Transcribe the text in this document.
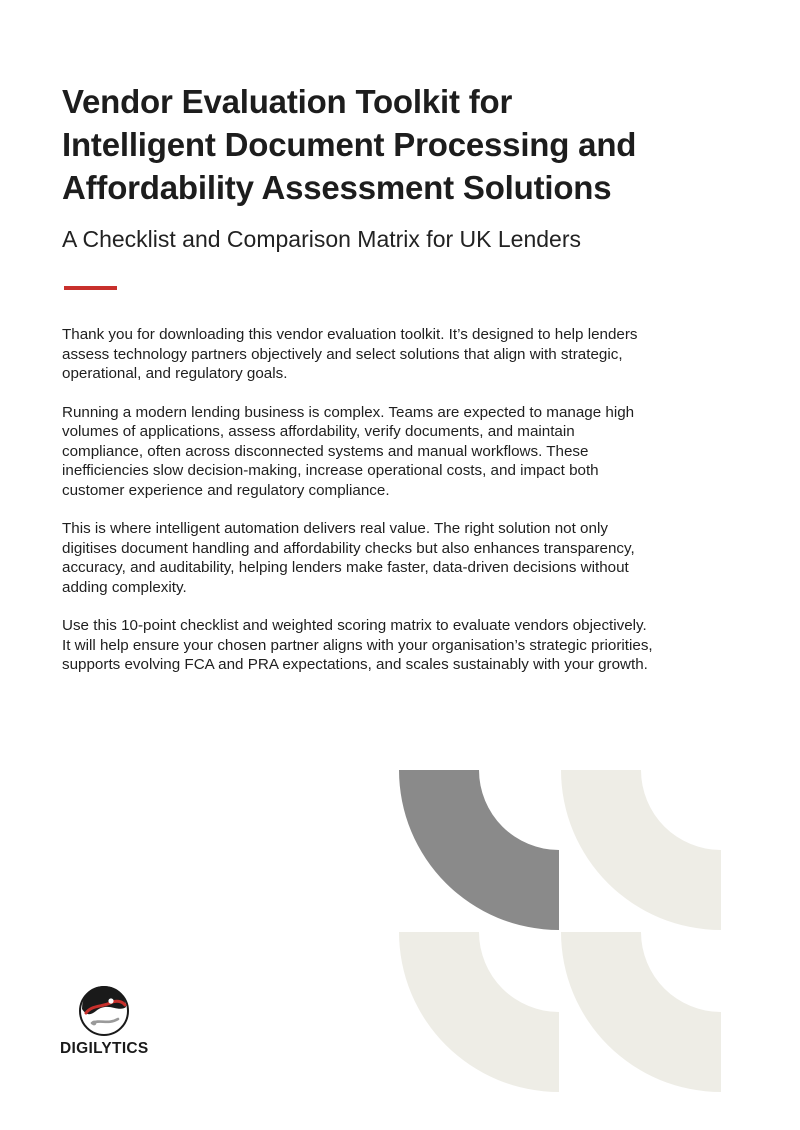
Vendor Evaluation Toolkit for
Intelligent Document Processing and
Affordability Assessment Solutions
A Checklist and Comparison Matrix for UK Lenders

Thank you for downloading this vendor evaluation toolkit. It’s designed to help lenders
assess technology partners objectively and select solutions that align with strategic,
operational, and regulatory goals.

Running a modern lending business is complex. Teams are expected to manage high
volumes of applications, assess affordability, verify documents, and maintain
compliance, often across disconnected systems and manual workflows. These
inefficiencies slow decision-making, increase operational costs, and impact both
customer experience and regulatory compliance.

This is where intelligent automation delivers real value. The right solution not only
digitises document handling and affordability checks but also enhances transparency,
accuracy, and auditability, helping lenders make faster, data-driven decisions without
adding complexity.

Use this 10-point checklist and weighted scoring matrix to evaluate vendors objectively.
It will help ensure your chosen partner aligns with your organisation’s strategic priorities,
supports evolving FCA and PRA expectations, and scales sustainably with your growth.

DIGILYTICS
